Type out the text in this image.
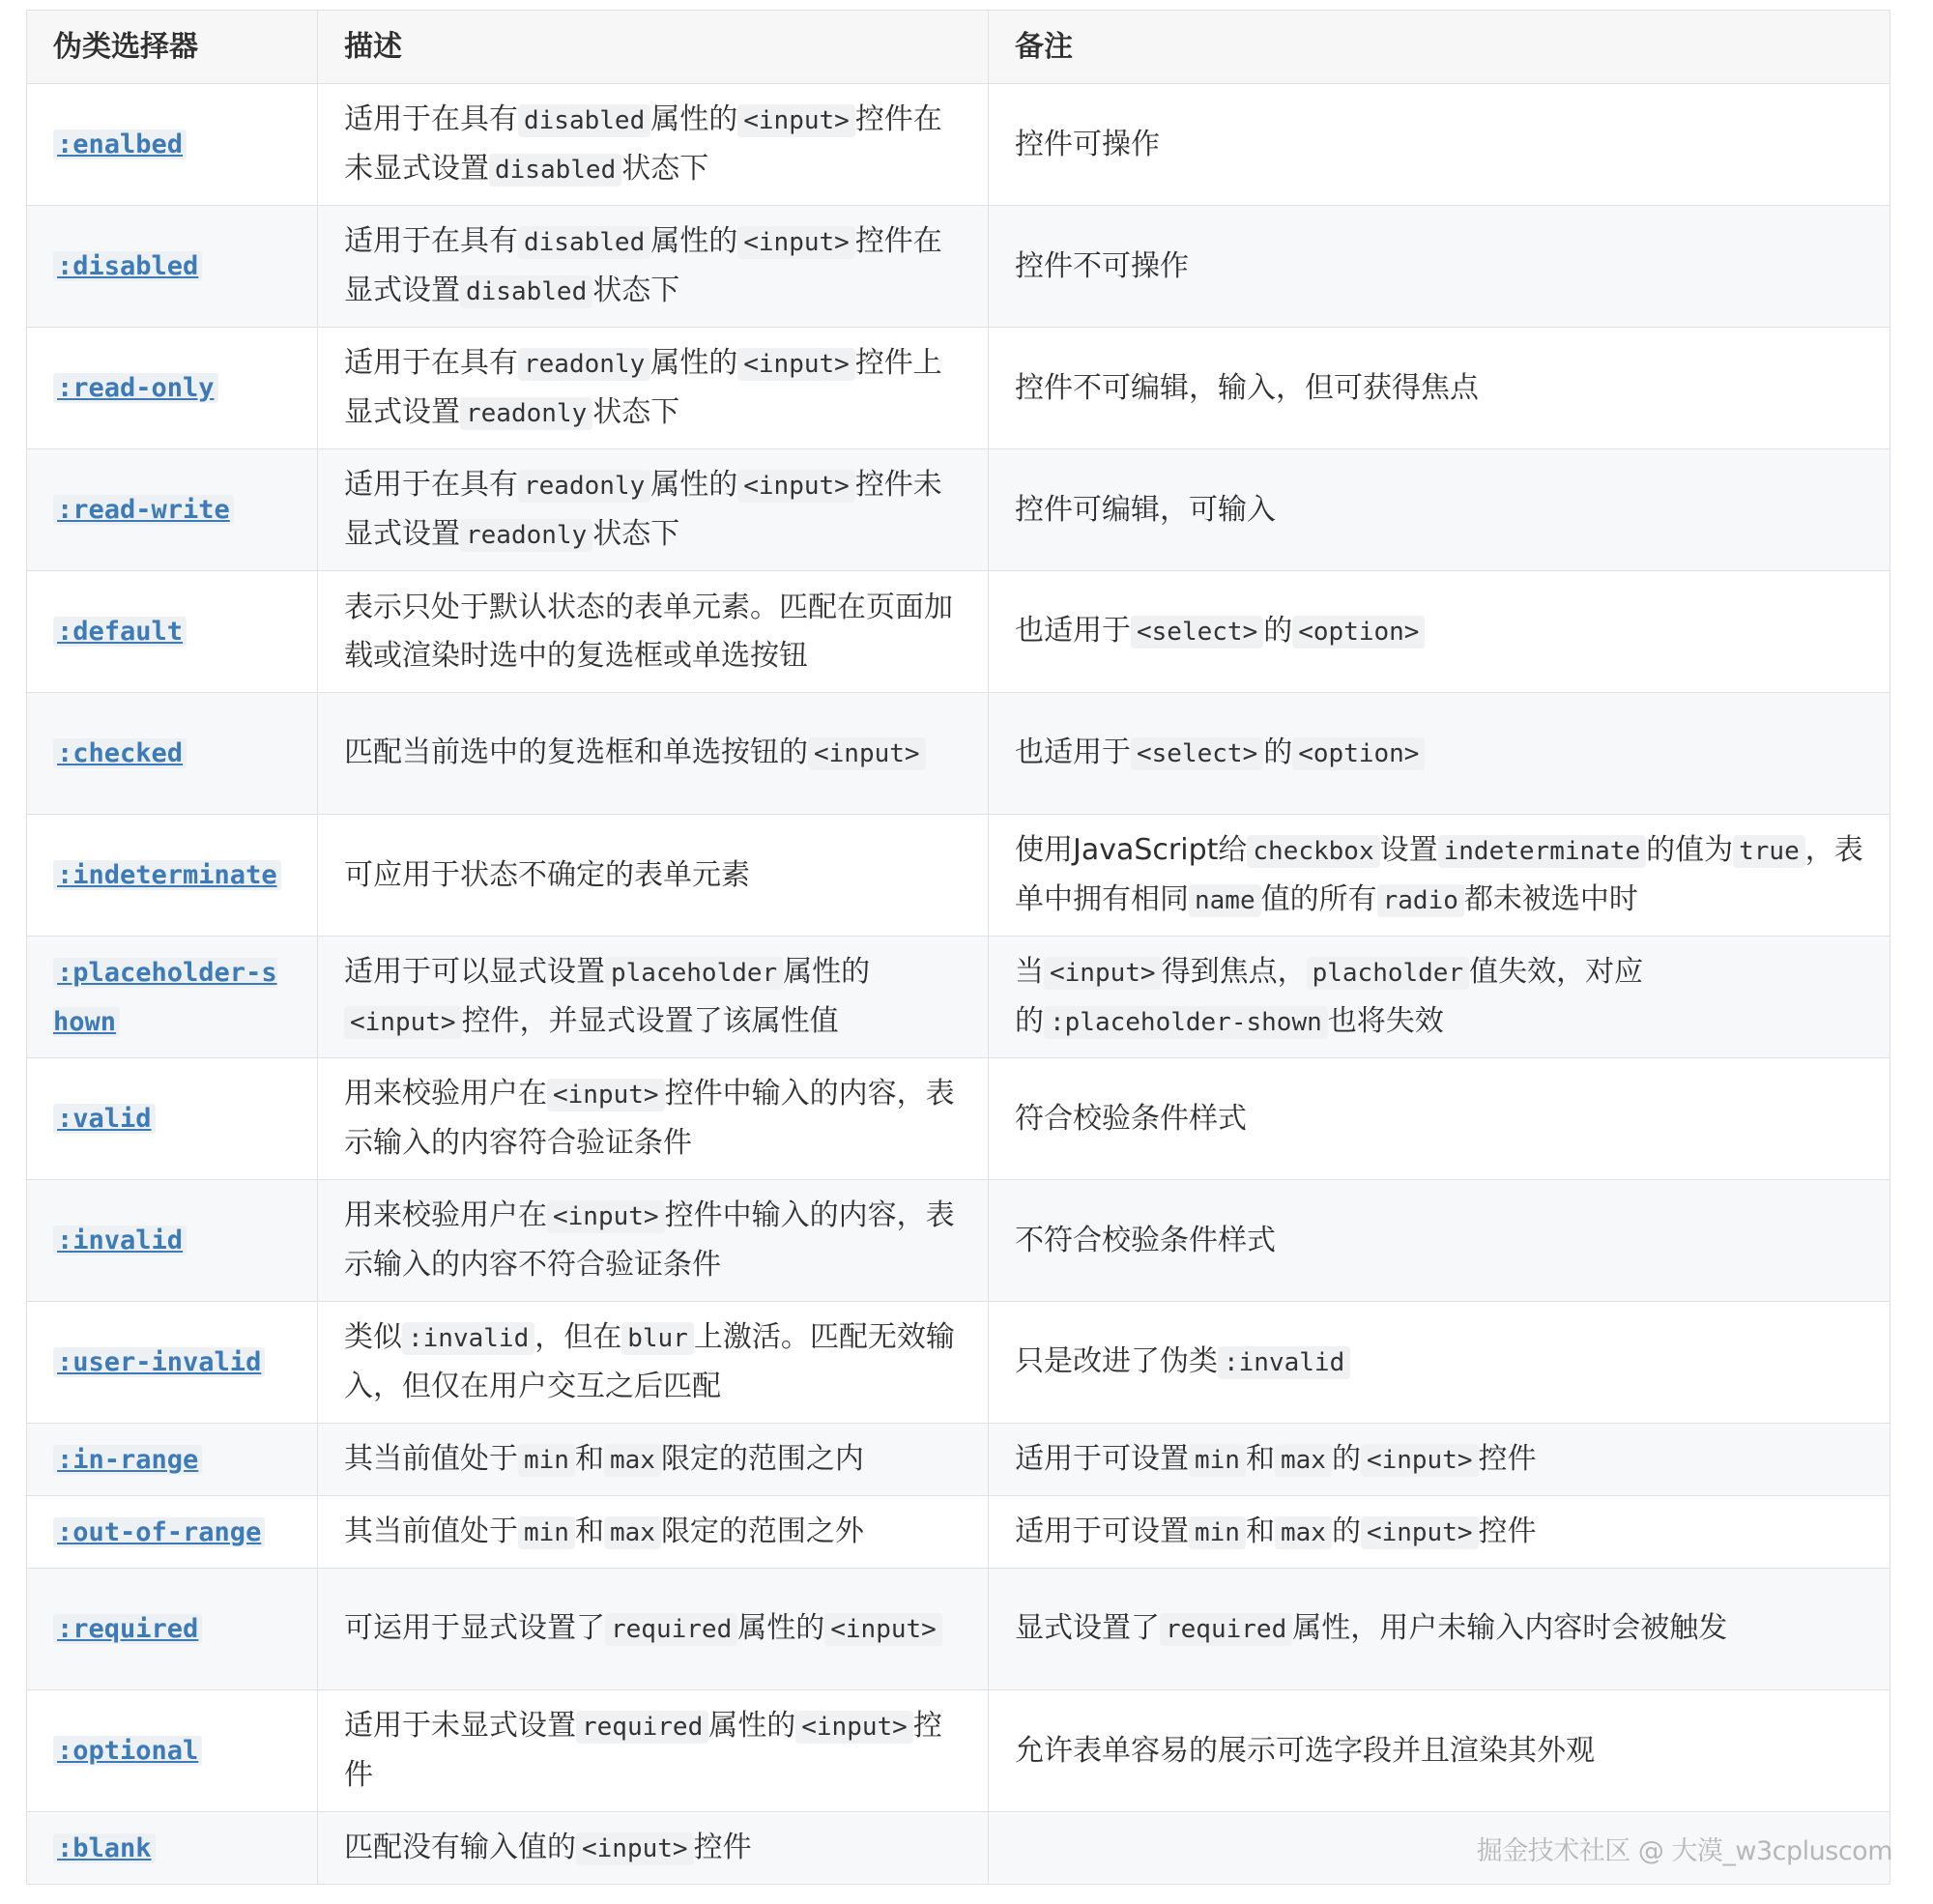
伪类选择器	描述	备注
:enalbed	适用于在具有 disabled 属性的 <input> 控件在未显式设置 disabled 状态下	控件可操作
:disabled	适用于在具有 disabled 属性的 <input> 控件在显式设置 disabled 状态下	控件不可操作
:read-only	适用于在具有 readonly 属性的 <input> 控件上显式设置 readonly 状态下	控件不可编辑，输入，但可获得焦点
:read-write	适用于在具有 readonly 属性的 <input> 控件未显式设置 readonly 状态下	控件可编辑，可输入
:default	表示只处于默认状态的表单元素。匹配在页面加载或渲染时选中的复选框或单选按钮	也适用于 <select> 的 <option>
:checked	匹配当前选中的复选框和单选按钮的 <input>	也适用于 <select> 的 <option>
:indeterminate	可应用于状态不确定的表单元素	使用JavaScript给 checkbox 设置 indeterminate 的值为 true ，表单中拥有相同 name 值的所有 radio 都未被选中时
:placeholder-shown	适用于可以显式设置 placeholder 属性的<input> 控件，并显式设置了该属性值	当 <input> 得到焦点， placholder 值失效，对应的 :placeholder-shown 也将失效
:valid	用来校验用户在 <input> 控件中输入的内容，表示输入的内容符合验证条件	符合校验条件样式
:invalid	用来校验用户在 <input> 控件中输入的内容，表示输入的内容不符合验证条件	不符合校验条件样式
:user-invalid	类似 :invalid ，但在 blur 上激活。匹配无效输入，但仅在用户交互之后匹配	只是改进了伪类 :invalid
:in-range	其当前值处于 min 和 max 限定的范围之内	适用于可设置 min 和 max 的 <input> 控件
:out-of-range	其当前值处于 min 和 max 限定的范围之外	适用于可设置 min 和 max 的 <input> 控件
:required	可运用于显式设置了 required 属性的 <input>	显式设置了 required 属性，用户未输入内容时会被触发
:optional	适用于未显式设置 required 属性的 <input> 控件	允许表单容易的展示可选字段并且渲染其外观
:blank	匹配没有输入值的 <input> 控件		掘金技术社区 @ 大漠_w3cpluscom
